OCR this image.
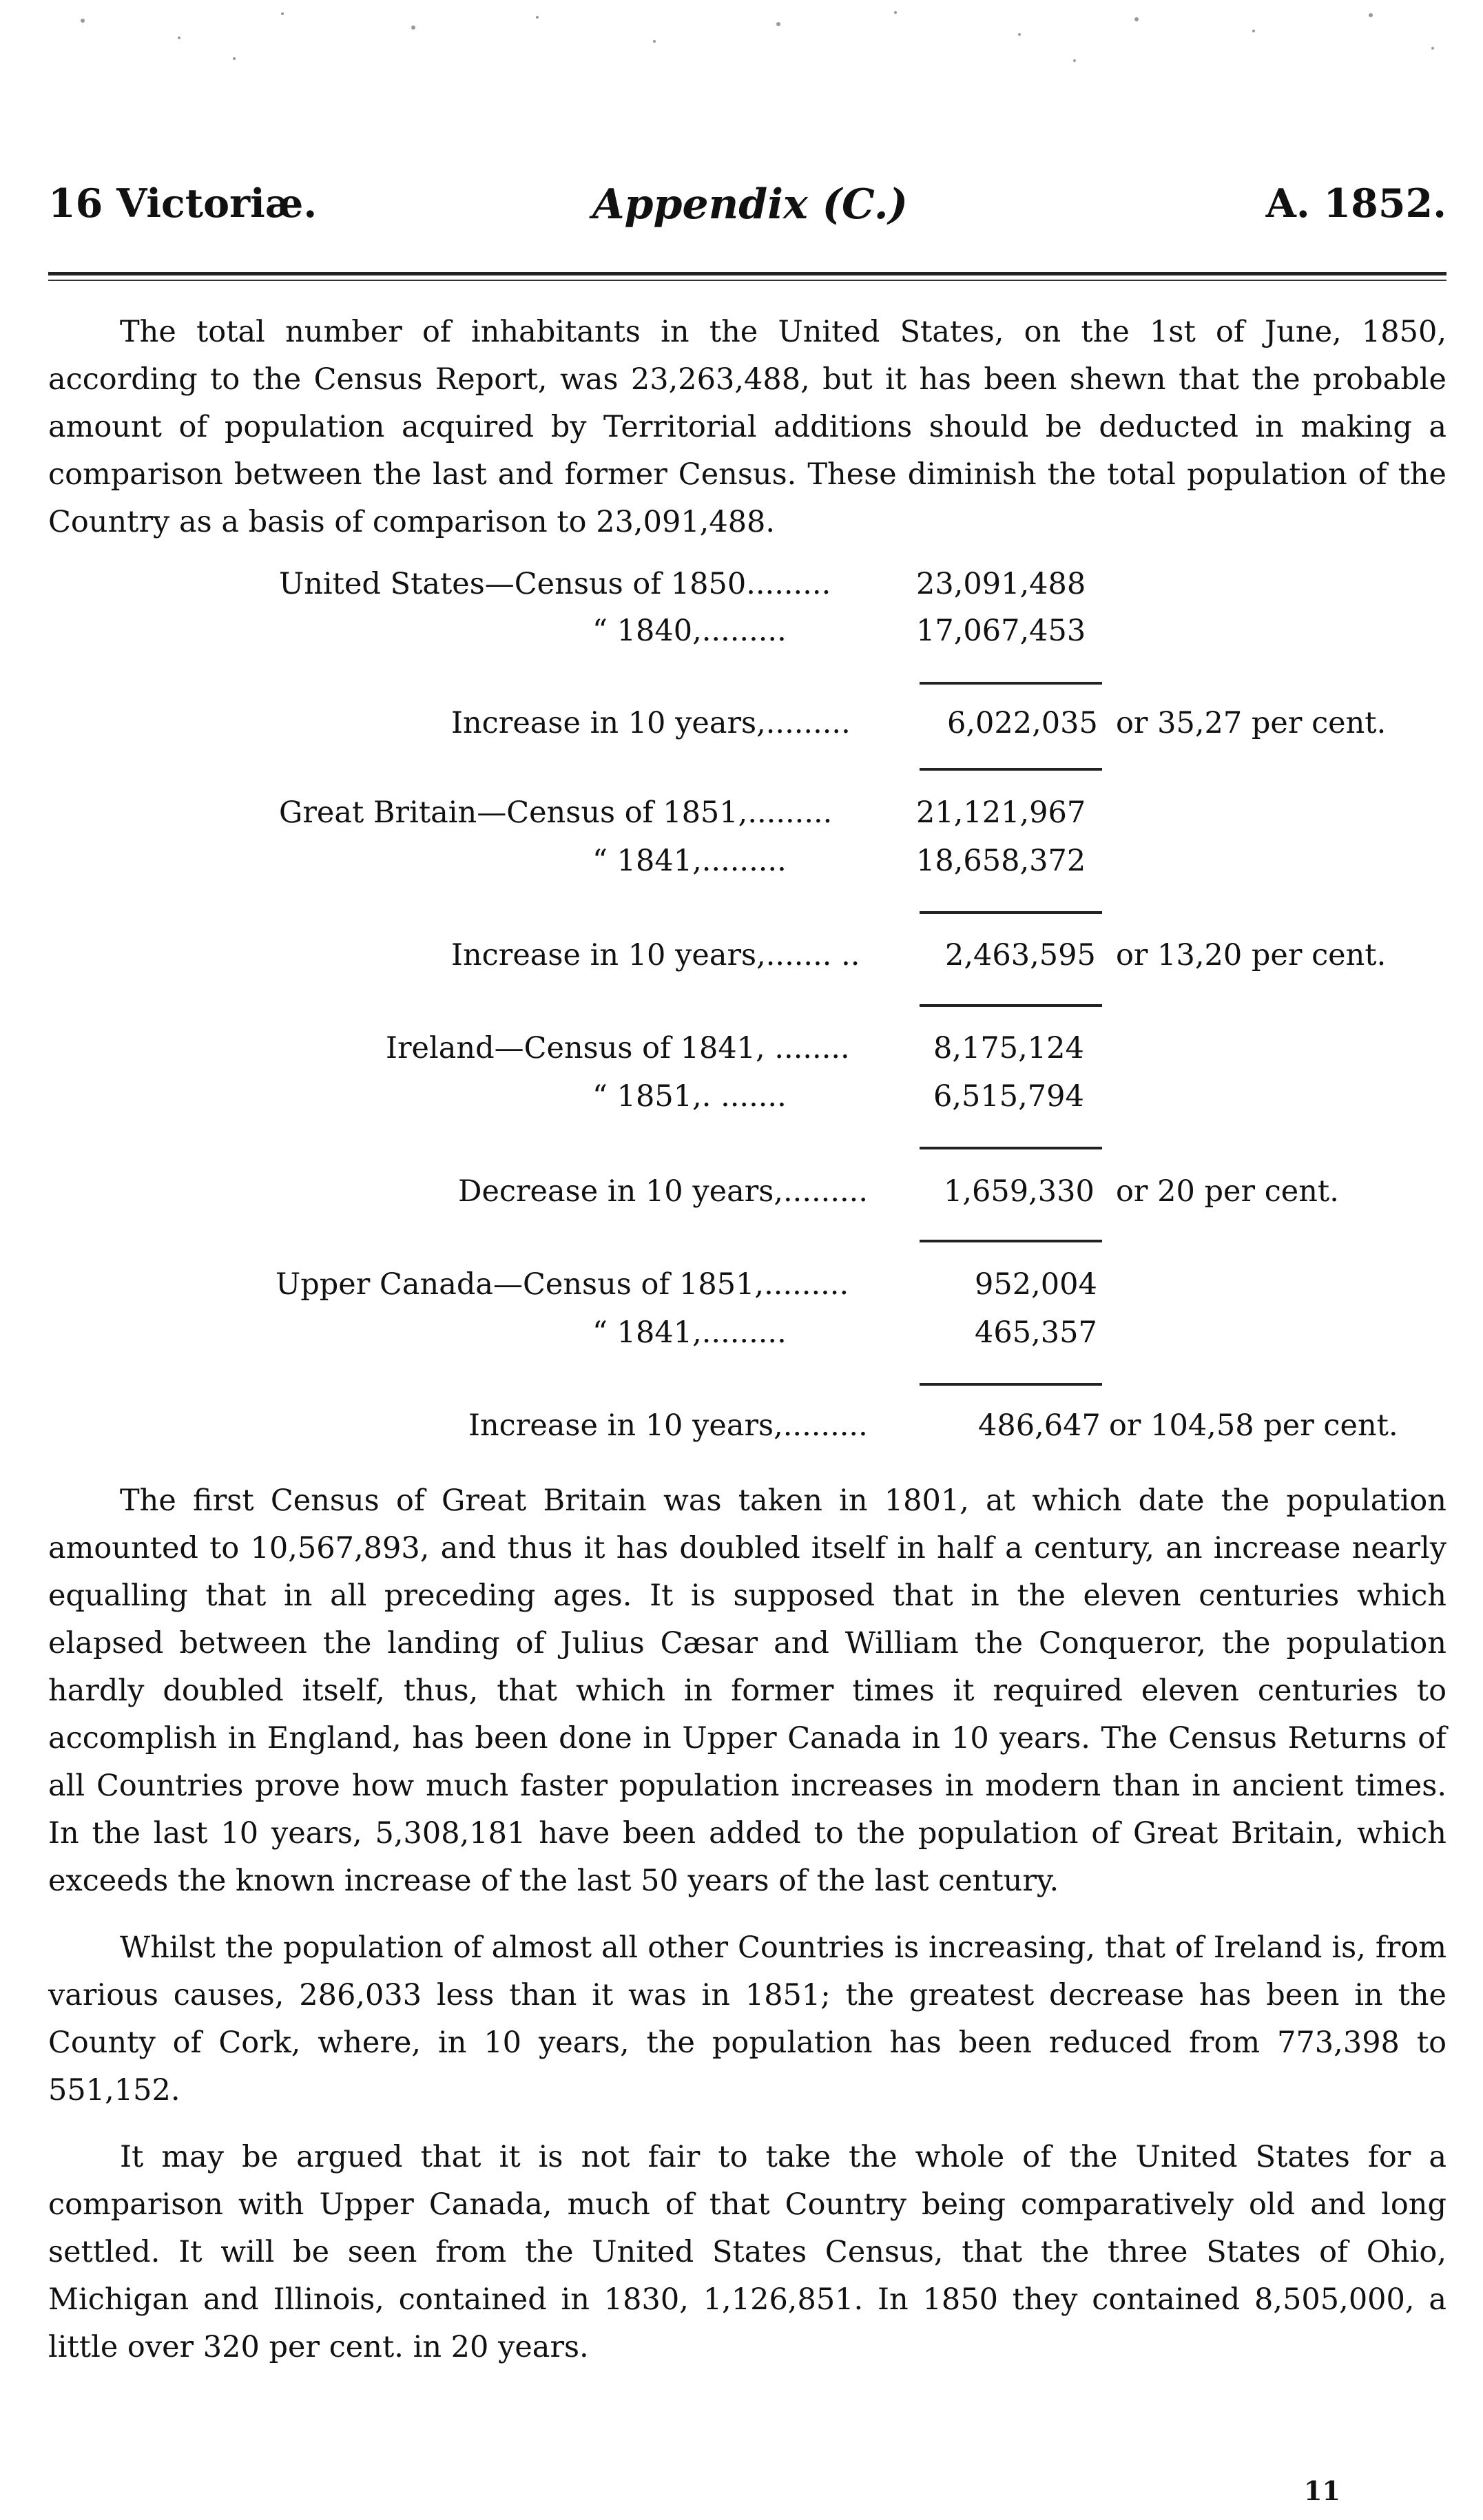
16 Victoriæ.	Appendix (C.)	A. 1852.

The total number of inhabitants in the United States, on the 1st of June, 1850, according to the Census Report, was 23,263,488, but it has been shewn that the probable amount of population acquired by Territorial additions should be deducted in making a comparison between the last and former Census. These diminish the total population of the Country as a basis of comparison to 23,091,488.

United States—Census of 1850.........	23,091,488
“ 1840,.........	17,067,453
Increase in 10 years,.........	6,022,035 or 35,27 per cent.
Great Britain—Census of 1851,.........	21,121,967
“ 1841,.........	18,658,372
Increase in 10 years,....... ..	2,463,595 or 13,20 per cent.
Ireland—Census of 1841, ........	8,175,124
“ 1851,. .......	6,515,794
Decrease in 10 years,.........	1,659,330 or 20 per cent.
Upper Canada—Census of 1851,.........	952,004
“ 1841,.........	465,357
Increase in 10 years,.........	486,647 or 104,58 per cent.

The first Census of Great Britain was taken in 1801, at which date the population amounted to 10,567,893, and thus it has doubled itself in half a century, an increase nearly equalling that in all preceding ages. It is supposed that in the eleven centuries which elapsed between the landing of Julius Cæsar and William the Conqueror, the population hardly doubled itself, thus, that which in former times it required eleven centuries to accomplish in England, has been done in Upper Canada in 10 years. The Census Returns of all Countries prove how much faster population increases in modern than in ancient times. In the last 10 years, 5,308,181 have been added to the population of Great Britain, which exceeds the known increase of the last 50 years of the last century.

Whilst the population of almost all other Countries is increasing, that of Ireland is, from various causes, 286,033 less than it was in 1851; the greatest decrease has been in the County of Cork, where, in 10 years, the population has been reduced from 773,398 to 551,152.

It may be argued that it is not fair to take the whole of the United States for a comparison with Upper Canada, much of that Country being comparatively old and long settled. It will be seen from the United States Census, that the three States of Ohio, Michigan and Illinois, contained in 1830, 1,126,851. In 1850 they contained 8,505,000, a little over 320 per cent. in 20 years.

11
